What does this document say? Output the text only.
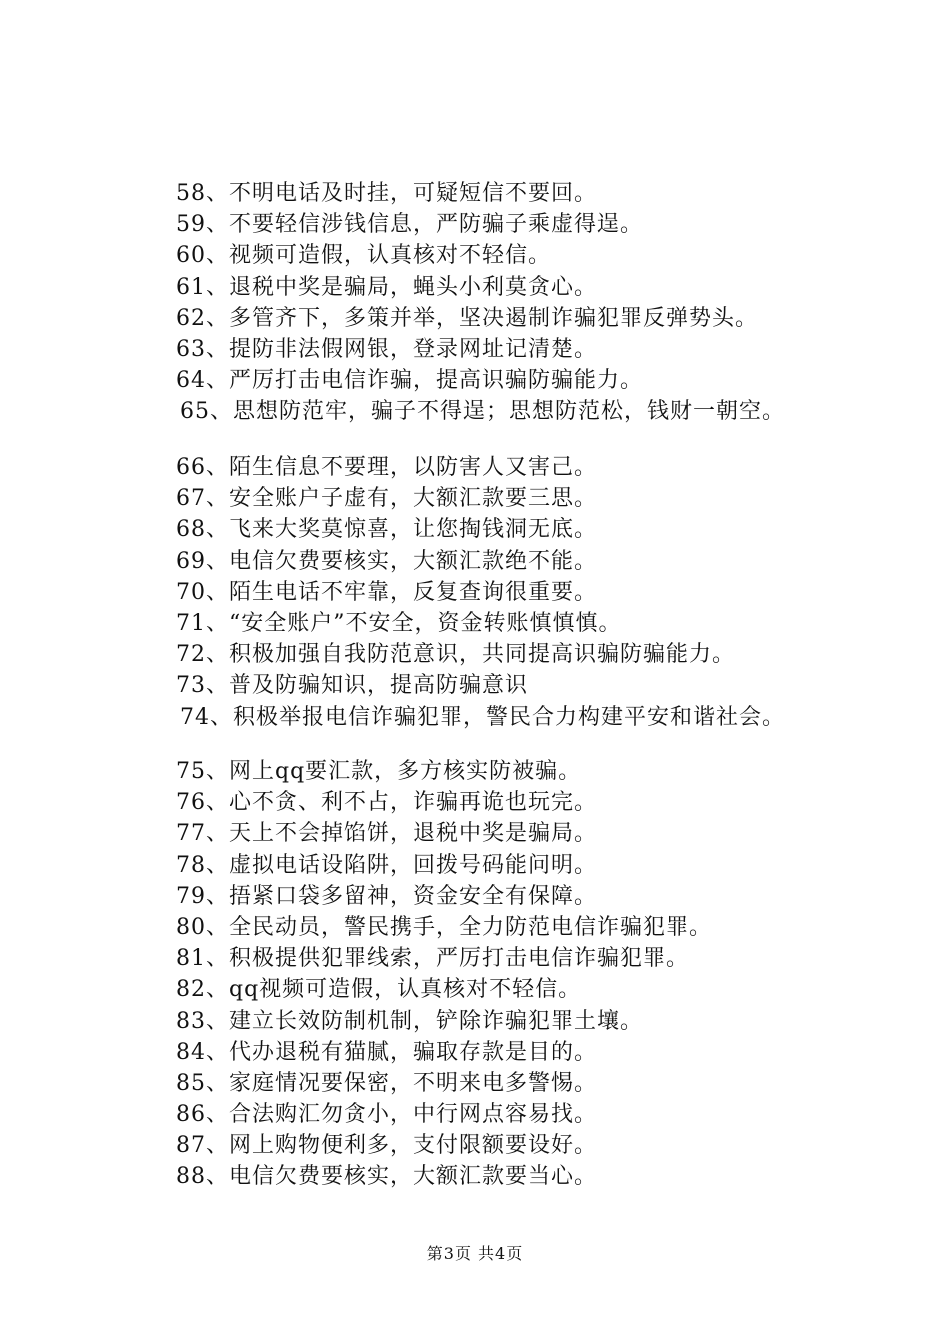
58、不明电话及时挂，可疑短信不要回。
59、不要轻信涉钱信息，严防骗子乘虚得逞。
60、视频可造假，认真核对不轻信。
61、退税中奖是骗局，蝇头小利莫贪心。
62、多管齐下，多策并举，坚决遏制诈骗犯罪反弹势头。
63、提防非法假网银，登录网址记清楚。
64、严厉打击电信诈骗，提高识骗防骗能力。
65、思想防范牢，骗子不得逞；思想防范松，钱财一朝空。
66、陌生信息不要理，以防害人又害己。
67、安全账户子虚有，大额汇款要三思。
68、飞来大奖莫惊喜，让您掏钱洞无底。
69、电信欠费要核实，大额汇款绝不能。
70、陌生电话不牢靠，反复查询很重要。
71、“安全账户”不安全，资金转账慎慎慎。
72、积极加强自我防范意识，共同提高识骗防骗能力。
73、普及防骗知识，提高防骗意识
74、积极举报电信诈骗犯罪，警民合力构建平安和谐社会。
75、网上qq要汇款，多方核实防被骗。
76、心不贪、利不占，诈骗再诡也玩完。
77、天上不会掉馅饼，退税中奖是骗局。
78、虚拟电话设陷阱，回拨号码能问明。
79、捂紧口袋多留神，资金安全有保障。
80、全民动员，警民携手，全力防范电信诈骗犯罪。
81、积极提供犯罪线索，严厉打击电信诈骗犯罪。
82、qq视频可造假，认真核对不轻信。
83、建立长效防制机制，铲除诈骗犯罪土壤。
84、代办退税有猫腻，骗取存款是目的。
85、家庭情况要保密，不明来电多警惕。
86、合法购汇勿贪小，中行网点容易找。
87、网上购物便利多，支付限额要设好。
88、电信欠费要核实，大额汇款要当心。
第3页 共4页
